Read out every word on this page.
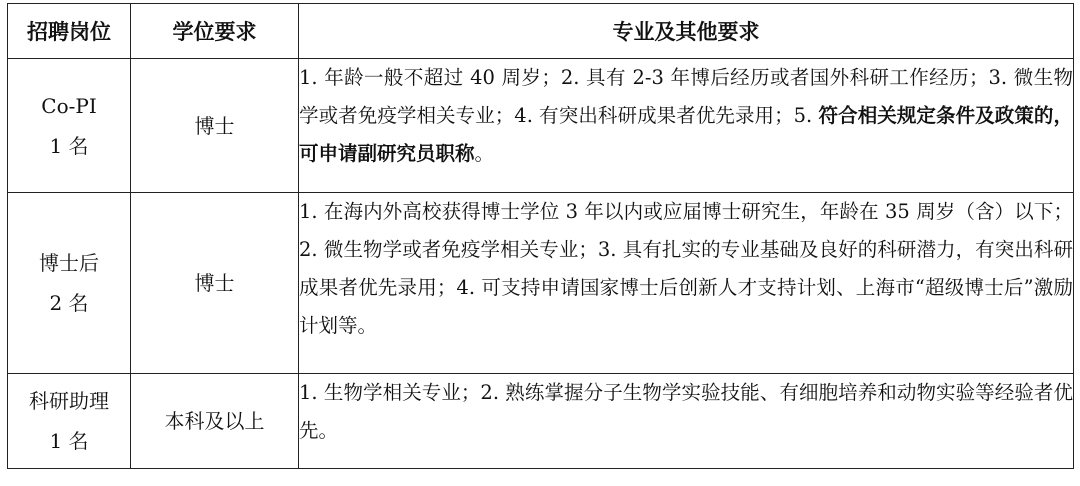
招聘岗位	学位要求	专业及其他要求

Co-PI
1 名	博士	1. 年龄一般不超过 40 周岁；2. 具有 2-3 年博后经历或者国外科研工作经历；3. 微生物学或者免疫学相关专业；4. 有突出科研成果者优先录用；5. 符合相关规定条件及政策的，可申请副研究员职称。

博士后
2 名	博士	1. 在海内外高校获得博士学位 3 年以内或应届博士研究生，年龄在 35 周岁（含）以下；2. 微生物学或者免疫学相关专业；3. 具有扎实的专业基础及良好的科研潜力，有突出科研成果者优先录用；4. 可支持申请国家博士后创新人才支持计划、上海市“超级博士后”激励计划等。

科研助理
1 名	本科及以上	1. 生物学相关专业；2. 熟练掌握分子生物学实验技能、有细胞培养和动物实验等经验者优先。
